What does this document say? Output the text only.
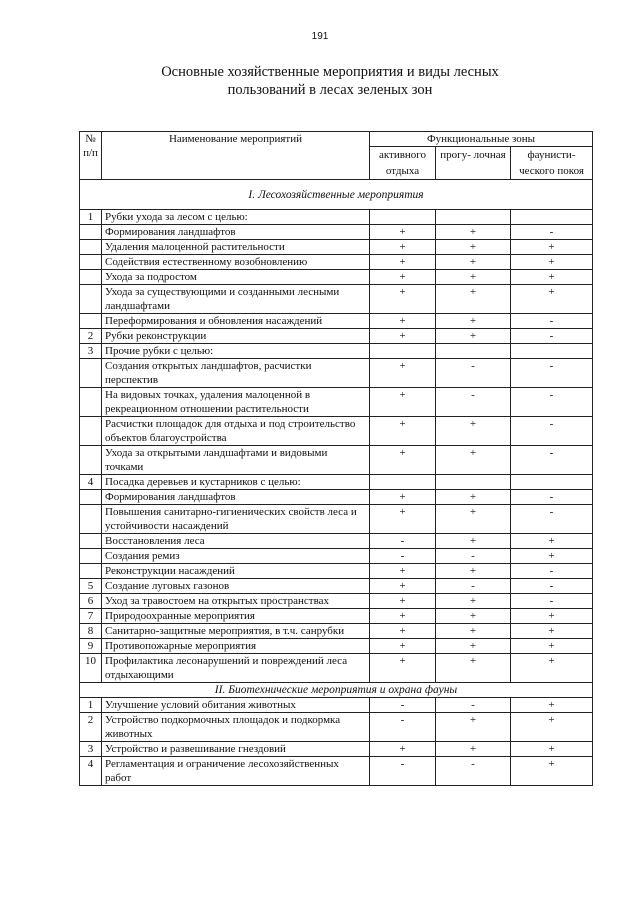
191
Основные хозяйственные мероприятия и виды лесных
пользований в лесах зеленых зон
№ п/п	Наименование мероприятий	Функциональные зоны		
		активного отдыха	прогу- лочная	фаунисти- ческого покоя
I. Лесохозяйственные мероприятия				
1	Рубки ухода за лесом с целью:			
	Формирования ландшафтов	+	+	-
	Удаления малоценной растительности	+	+	+
	Содействия естественному возобновлению	+	+	+
	Ухода за подростом	+	+	+
	Ухода за существующими и созданными лесными ландшафтами	+	+	+
	Переформирования и обновления насаждений	+	+	-
2	Рубки реконструкции	+	+	-
3	Прочие рубки с целью:			
	Создания открытых ландшафтов, расчистки перспектив	+	-	-
	На видовых точках, удаления малоценной в рекреационном отношении растительности	+	-	-
	Расчистки площадок для отдыха и под строительство объектов благоустройства	+	+	-
	Ухода за открытыми ландшафтами и видовыми точками	+	+	-
4	Посадка деревьев и кустарников с целью:			
	Формирования ландшафтов	+	+	-
	Повышения санитарно-гигиенических свойств леса и устойчивости насаждений	+	+	-
	Восстановления леса	-	+	+
	Создания ремиз	-	-	+
	Реконструкции насаждений	+	+	-
5	Создание луговых газонов	+	-	-
6	Уход за травостоем на открытых пространствах	+	+	-
7	Природоохранные мероприятия	+	+	+
8	Санитарно-защитные мероприятия, в т.ч. санрубки	+	+	+
9	Противопожарные мероприятия	+	+	+
10	Профилактика лесонарушений и повреждений леса отдыхающими	+	+	+
II. Биотехнические мероприятия и охрана фауны				
1	Улучшение условий обитания животных	-	-	+
2	Устройство подкормочных площадок и подкормка животных	-	+	+
3	Устройство и развешивание гнездовий	+	+	+
4	Регламентация и ограничение лесохозяйственных работ	-	-	+
